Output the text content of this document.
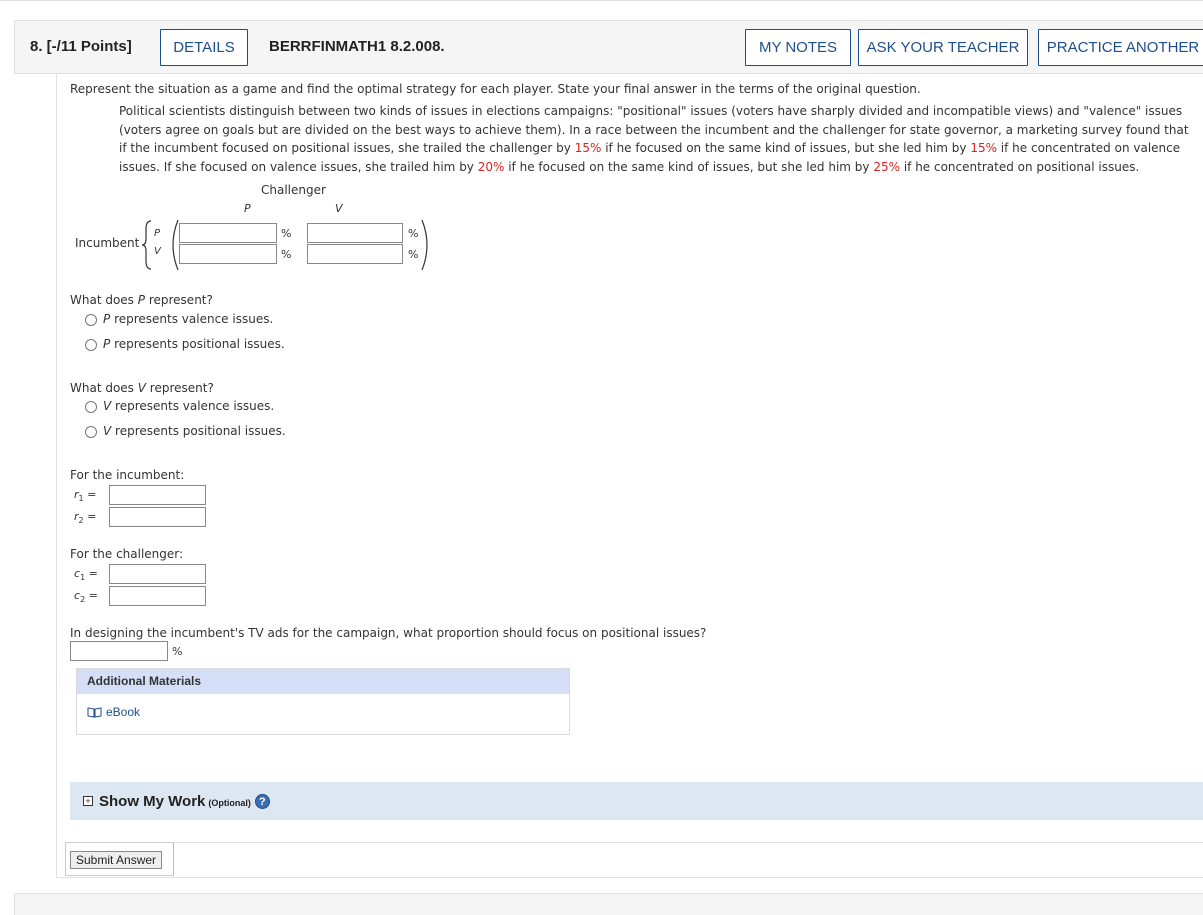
8. [-/11 Points]	DETAILS	BERRFINMATH1 8.2.008.	MY NOTES	ASK YOUR TEACHER	PRACTICE ANOTHER
Represent the situation as a game and find the optimal strategy for each player. State your final answer in the terms of the original question.
Political scientists distinguish between two kinds of issues in elections campaigns: "positional" issues (voters have sharply divided and incompatible views) and "valence" issues (voters agree on goals but are divided on the best ways to achieve them). In a race between the incumbent and the challenger for state governor, a marketing survey found that if the incumbent focused on positional issues, she trailed the challenger by 15% if he focused on the same kind of issues, but she led him by 15% if he concentrated on valence issues. If she focused on valence issues, she trailed him by 20% if he focused on the same kind of issues, but she led him by 25% if he concentrated on positional issues.
Challenger
P	V
Incumbent
P
V
%	%
%	%
What does P represent?
P represents valence issues.
P represents positional issues.
What does V represent?
V represents valence issues.
V represents positional issues.
For the incumbent:
$r_1$ =
$r_2$ =
For the challenger:
$c_1$ =
$c_2$ =
In designing the incumbent's TV ads for the campaign, what proportion should focus on positional issues?
%
Additional Materials
eBook
+ Show My Work (Optional) ?
Submit Answer
